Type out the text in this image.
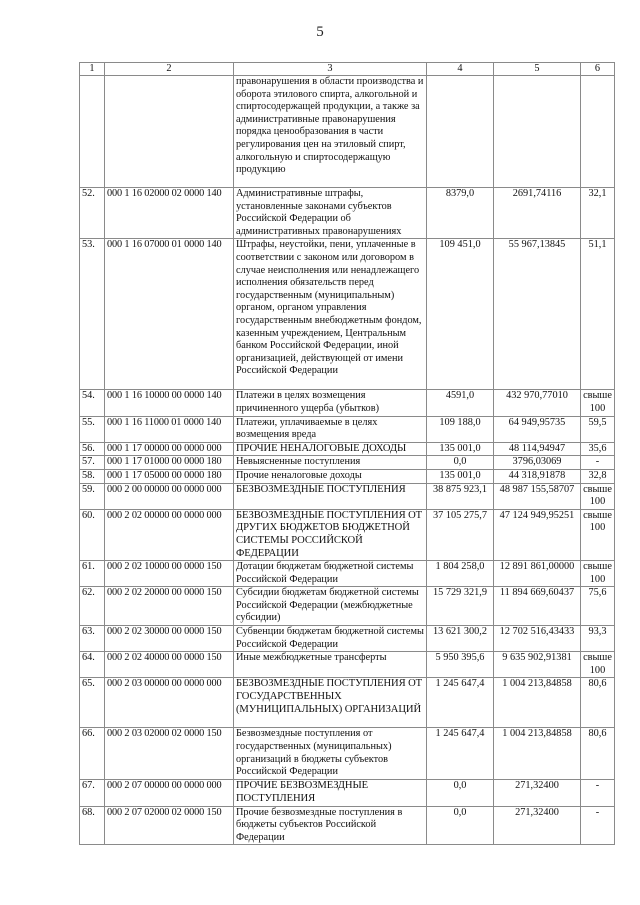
5
1	2	3	4	5	6
		правонарушения в области производства и оборота этилового спирта, алкогольной и спиртосодержащей продукции, а также за административные правонарушения порядка ценообразования в части регулирования цен на этиловый спирт, алкогольную и спиртосодержащую продукцию			
52.	000 1 16 02000 02 0000 140	Административные штрафы, установленные законами субъектов Российской Федерации об административных правонарушениях	8379,0	2691,74116	32,1
53.	000 1 16 07000 01 0000 140	Штрафы, неустойки, пени, уплаченные в соответствии с законом или договором в случае неисполнения или ненадлежащего исполнения обязательств перед государственным (муниципальным) органом, органом управления государственным внебюджетным фондом, казенным учреждением, Центральным банком Российской Федерации, иной организацией, действующей от имени Российской Федерации	109 451,0	55 967,13845	51,1
54.	000 1 16 10000 00 0000 140	Платежи в целях возмещения причиненного ущерба (убытков)	4591,0	432 970,77010	свыше 100
55.	000 1 16 11000 01 0000 140	Платежи, уплачиваемые в целях возмещения вреда	109 188,0	64 949,95735	59,5
56.	000 1 17 00000 00 0000 000	ПРОЧИЕ НЕНАЛОГОВЫЕ ДОХОДЫ	135 001,0	48 114,94947	35,6
57.	000 1 17 01000 00 0000 180	Невыясненные поступления	0,0	3796,03069	-
58.	000 1 17 05000 00 0000 180	Прочие неналоговые доходы	135 001,0	44 318,91878	32,8
59.	000 2 00 00000 00 0000 000	БЕЗВОЗМЕЗДНЫЕ ПОСТУПЛЕНИЯ	38 875 923,1	48 987 155,58707	свыше 100
60.	000 2 02 00000 00 0000 000	БЕЗВОЗМЕЗДНЫЕ ПОСТУПЛЕНИЯ ОТ ДРУГИХ БЮДЖЕТОВ БЮДЖЕТНОЙ СИСТЕМЫ РОССИЙСКОЙ ФЕДЕРАЦИИ	37 105 275,7	47 124 949,95251	свыше 100
61.	000 2 02 10000 00 0000 150	Дотации бюджетам бюджетной системы Российской Федерации	1 804 258,0	12 891 861,00000	свыше 100
62.	000 2 02 20000 00 0000 150	Субсидии бюджетам бюджетной системы Российской Федерации (межбюджетные субсидии)	15 729 321,9	11 894 669,60437	75,6
63.	000 2 02 30000 00 0000 150	Субвенции бюджетам бюджетной системы Российской Федерации	13 621 300,2	12 702 516,43433	93,3
64.	000 2 02 40000 00 0000 150	Иные межбюджетные трансферты	5 950 395,6	9 635 902,91381	свыше 100
65.	000 2 03 00000 00 0000 000	БЕЗВОЗМЕЗДНЫЕ ПОСТУПЛЕНИЯ ОТ ГОСУДАРСТВЕННЫХ (МУНИЦИПАЛЬНЫХ) ОРГАНИЗАЦИЙ	1 245 647,4	1 004 213,84858	80,6
66.	000 2 03 02000 02 0000 150	Безвозмездные поступления от государственных (муниципальных) организаций в бюджеты субъектов Российской Федерации	1 245 647,4	1 004 213,84858	80,6
67.	000 2 07 00000 00 0000 000	ПРОЧИЕ БЕЗВОЗМЕЗДНЫЕ ПОСТУПЛЕНИЯ	0,0	271,32400	-
68.	000 2 07 02000 02 0000 150	Прочие безвозмездные поступления в бюджеты субъектов Российской Федерации	0,0	271,32400	-
